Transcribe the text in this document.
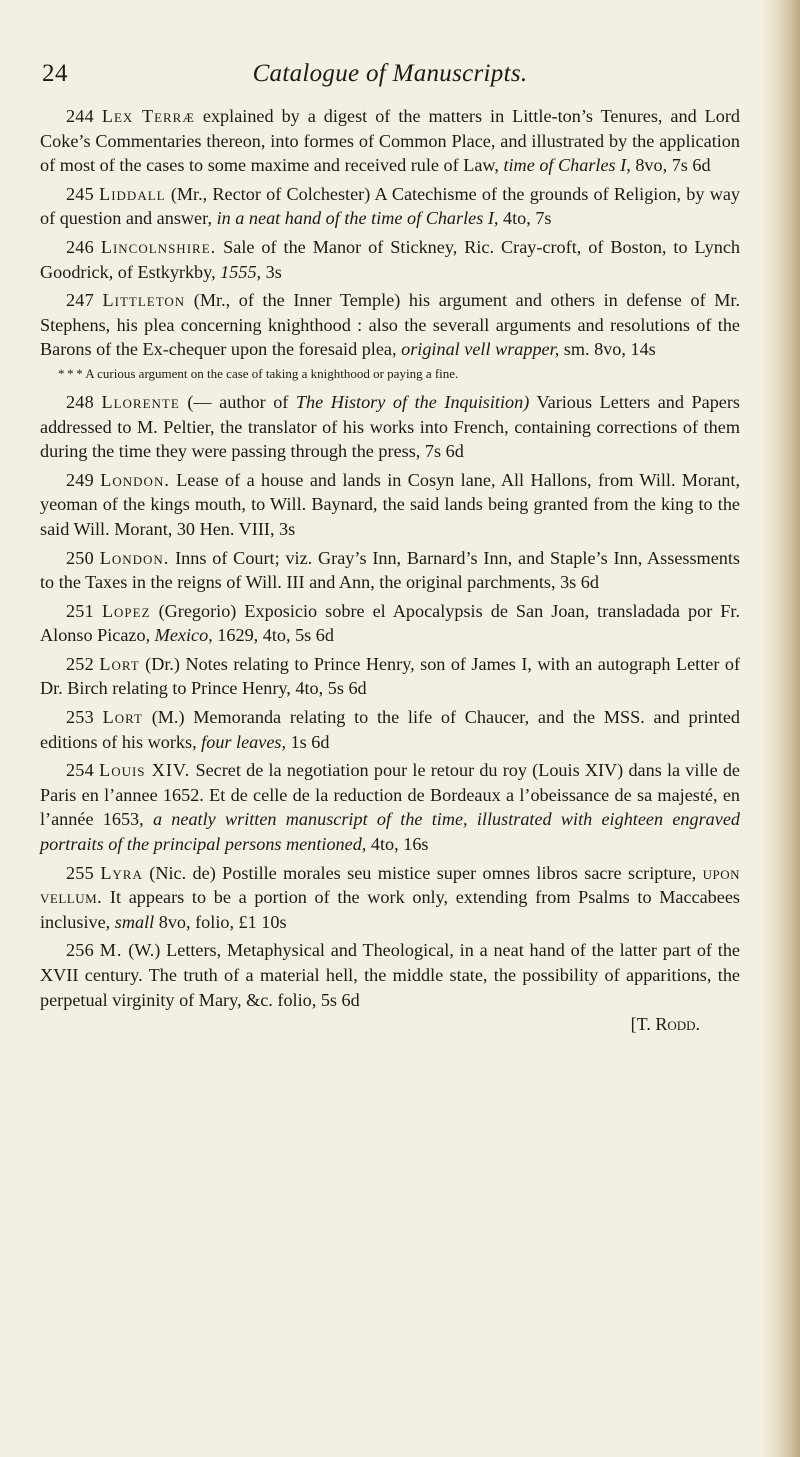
24	Catalogue of Manuscripts.

244 Lex Terræ explained by a digest of the matters in Little-ton’s Tenures, and Lord Coke’s Commentaries thereon, into formes of Common Place, and illustrated by the application of most of the cases to some maxime and received rule of Law, time of Charles I, 8vo, 7s 6d

245 Liddall (Mr., Rector of Colchester) A Catechisme of the grounds of Religion, by way of question and answer, in a neat hand of the time of Charles I, 4to, 7s

246 Lincolnshire. Sale of the Manor of Stickney, Ric. Cray-croft, of Boston, to Lynch Goodrick, of Estkyrkby, 1555, 3s

247 Littleton (Mr., of the Inner Temple) his argument and others in defense of Mr. Stephens, his plea concerning knighthood : also the severall arguments and resolutions of the Barons of the Ex-chequer upon the foresaid plea, original vell wrapper, sm. 8vo, 14s

* * * A curious argument on the case of taking a knighthood or paying a fine.

248 Llorente (— author of The History of the Inquisition) Various Letters and Papers addressed to M. Peltier, the translator of his works into French, containing corrections of them during the time they were passing through the press, 7s 6d

249 London. Lease of a house and lands in Cosyn lane, All Hallons, from Will. Morant, yeoman of the kings mouth, to Will. Baynard, the said lands being granted from the king to the said Will. Morant, 30 Hen. VIII, 3s

250 London. Inns of Court; viz. Gray’s Inn, Barnard’s Inn, and Staple’s Inn, Assessments to the Taxes in the reigns of Will. III and Ann, the original parchments, 3s 6d

251 Lopez (Gregorio) Exposicio sobre el Apocalypsis de San Joan, transladada por Fr. Alonso Picazo, Mexico, 1629, 4to, 5s 6d

252 Lort (Dr.) Notes relating to Prince Henry, son of James I, with an autograph Letter of Dr. Birch relating to Prince Henry, 4to, 5s 6d

253 Lort (M.) Memoranda relating to the life of Chaucer, and the MSS. and printed editions of his works, four leaves, 1s 6d

254 Louis XIV. Secret de la negotiation pour le retour du roy (Louis XIV) dans la ville de Paris en l’annee 1652. Et de celle de la reduction de Bordeaux a l’obeissance de sa majesté, en l’année 1653, a neatly written manuscript of the time, illustrated with eighteen engraved portraits of the principal persons mentioned, 4to, 16s

255 Lyra (Nic. de) Postille morales seu mistice super omnes libros sacre scripture, upon vellum. It appears to be a portion of the work only, extending from Psalms to Maccabees inclusive, small 8vo, folio, £1 10s

256 M. (W.) Letters, Metaphysical and Theological, in a neat hand of the latter part of the XVII century. The truth of a material hell, the middle state, the possibility of apparitions, the perpetual virginity of Mary, &c. folio, 5s 6d

[T. Rodd.
